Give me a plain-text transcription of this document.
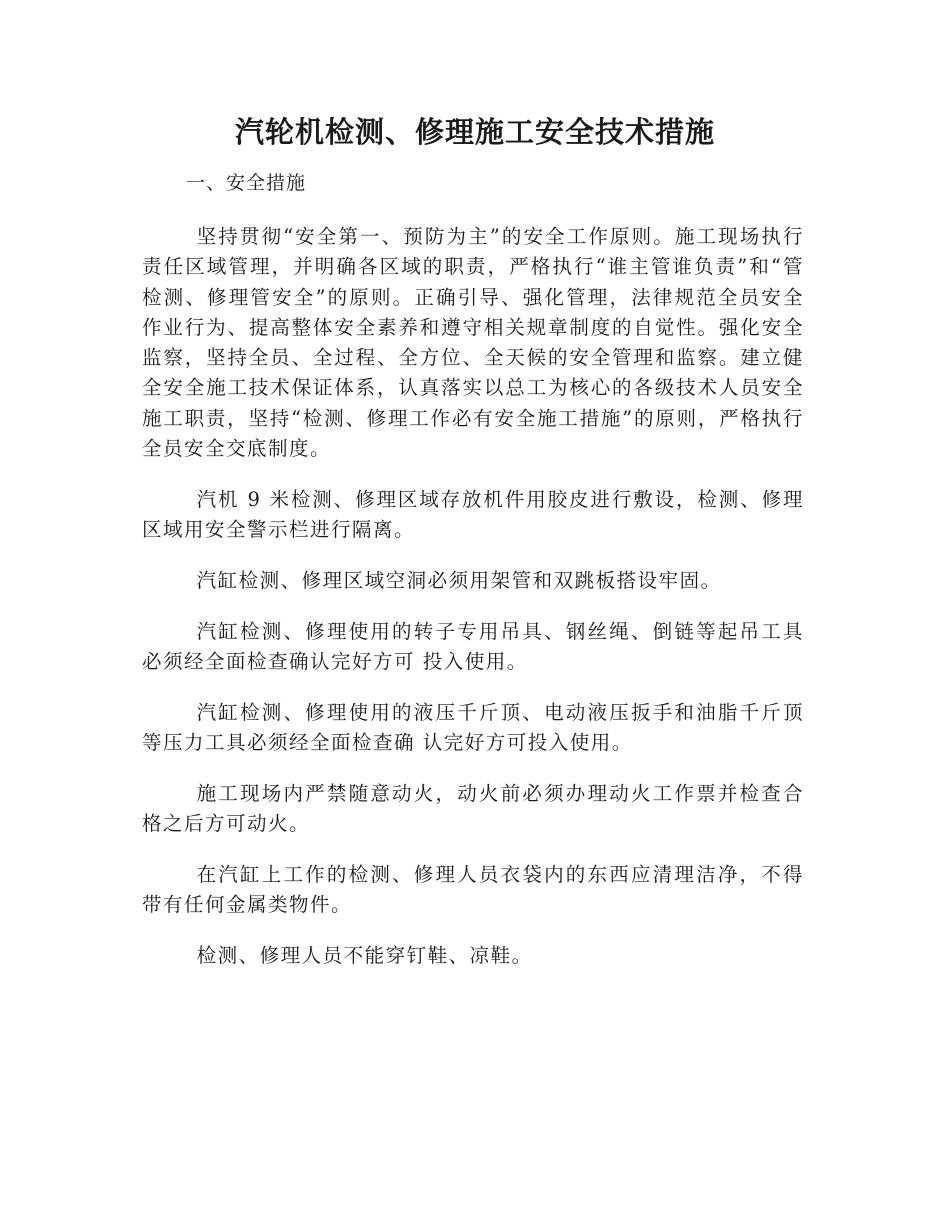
汽轮机检测、修理施工安全技术措施
一、安全措施

坚持贯彻“安全第一、预防为主”的安全工作原则。施工现场执行责任区域管理，并明确各区域的职责，严格执行“谁主管谁负责”和“管检测、修理管安全”的原则。正确引导、强化管理，法律规范全员安全作业行为、提高整体安全素养和遵守相关规章制度的自觉性。强化安全监察，坚持全员、全过程、全方位、全天候的安全管理和监察。建立健全安全施工技术保证体系，认真落实以总工为核心的各级技术人员安全施工职责，坚持“检测、修理工作必有安全施工措施”的原则，严格执行全员安全交底制度。

汽机 9 米检测、修理区域存放机件用胶皮进行敷设，检测、修理区域用安全警示栏进行隔离。

汽缸检测、修理区域空洞必须用架管和双跳板搭设牢固。

汽缸检测、修理使用的转子专用吊具、钢丝绳、倒链等起吊工具必须经全面检查确认完好方可 投入使用。

汽缸检测、修理使用的液压千斤顶、电动液压扳手和油脂千斤顶等压力工具必须经全面检查确 认完好方可投入使用。

施工现场内严禁随意动火，动火前必须办理动火工作票并检查合格之后方可动火。

在汽缸上工作的检测、修理人员衣袋内的东西应清理洁净，不得带有任何金属类物件。

检测、修理人员不能穿钉鞋、凉鞋。
